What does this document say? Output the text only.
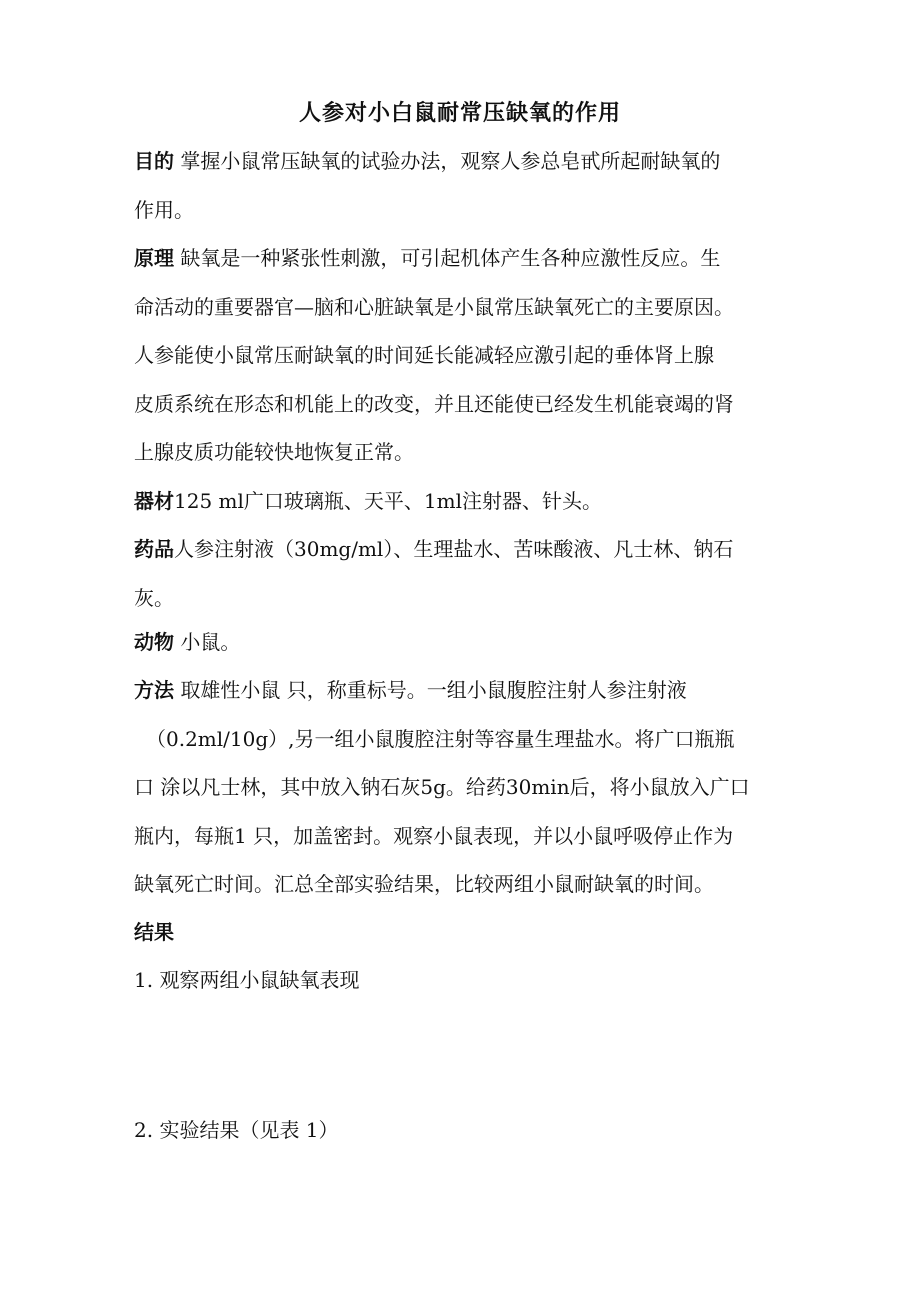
人参对小白鼠耐常压缺氧的作用
目的 掌握小鼠常压缺氧的试验办法，观察人参总皂甙所起耐缺氧的
作用。
原理 缺氧是一种紧张性刺激，可引起机体产生各种应激性反应。生
命活动的重要器官—脑和心脏缺氧是小鼠常压缺氧死亡的主要原因。
人参能使小鼠常压耐缺氧的时间延长能减轻应激引起的垂体肾上腺
皮质系统在形态和机能上的改变，并且还能使已经发生机能衰竭的肾
上腺皮质功能较快地恢复正常。
器材125 ml广口玻璃瓶、天平、1ml注射器、针头。
药品人参注射液（30mg/ml）、生理盐水、苦味酸液、凡士林、钠石
灰。
动物 小鼠。
方法 取雄性小鼠 只，称重标号。一组小鼠腹腔注射人参注射液
（0.2ml/10g）,另一组小鼠腹腔注射等容量生理盐水。将广口瓶瓶
口 涂以凡士林，其中放入钠石灰5g。给药30min后，将小鼠放入广口
瓶内，每瓶1 只，加盖密封。观察小鼠表现，并以小鼠呼吸停止作为
缺氧死亡时间。汇总全部实验结果，比较两组小鼠耐缺氧的时间。
结果
1. 观察两组小鼠缺氧表现
2. 实验结果（见表 1）
